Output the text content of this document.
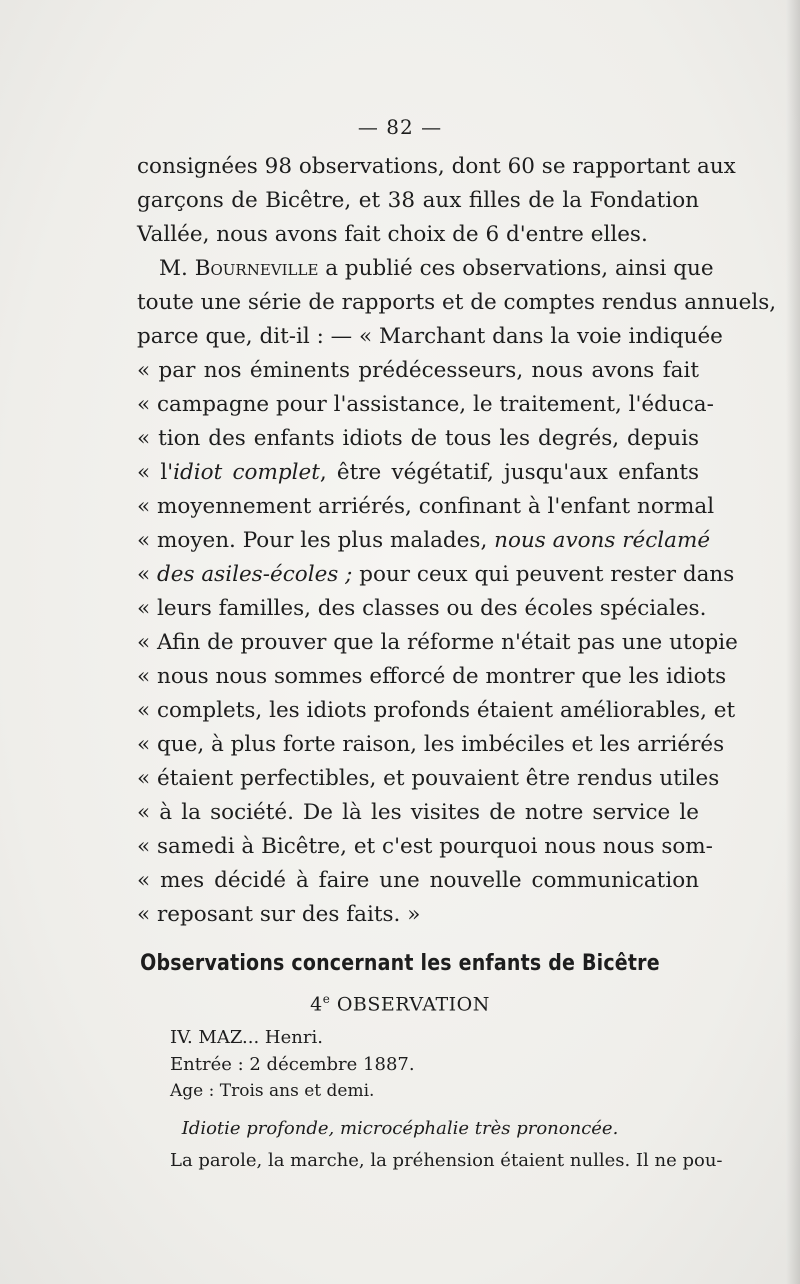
— 82 —
consignées 98 observations, dont 60 se rapportant aux
garçons de Bicêtre, et 38 aux filles de la Fondation
Vallée, nous avons fait choix de 6 d'entre elles.
M. Bourneville a publié ces observations, ainsi que
toute une série de rapports et de comptes rendus annuels,
parce que, dit-il : — « Marchant dans la voie indiquée
« par nos éminents prédécesseurs, nous avons fait
« campagne pour l'assistance, le traitement, l'éduca-
« tion des enfants idiots de tous les degrés, depuis
« l'idiot complet, être végétatif, jusqu'aux enfants
« moyennement arriérés, confinant à l'enfant normal
« moyen. Pour les plus malades, nous avons réclamé
« des asiles-écoles ; pour ceux qui peuvent rester dans
« leurs familles, des classes ou des écoles spéciales.
« Afin de prouver que la réforme n'était pas une utopie
« nous nous sommes efforcé de montrer que les idiots
« complets, les idiots profonds étaient améliorables, et
« que, à plus forte raison, les imbéciles et les arriérés
« étaient perfectibles, et pouvaient être rendus utiles
« à la société. De là les visites de notre service le
« samedi à Bicêtre, et c'est pourquoi nous nous som-
« mes décidé à faire une nouvelle communication
« reposant sur des faits. »
Observations concernant les enfants de Bicêtre
4e OBSERVATION
IV. MAZ... Henri.
Entrée : 2 décembre 1887.
Age : Trois ans et demi.
Idiotie profonde, microcéphalie très prononcée.
La parole, la marche, la préhension étaient nulles. Il ne pou-
